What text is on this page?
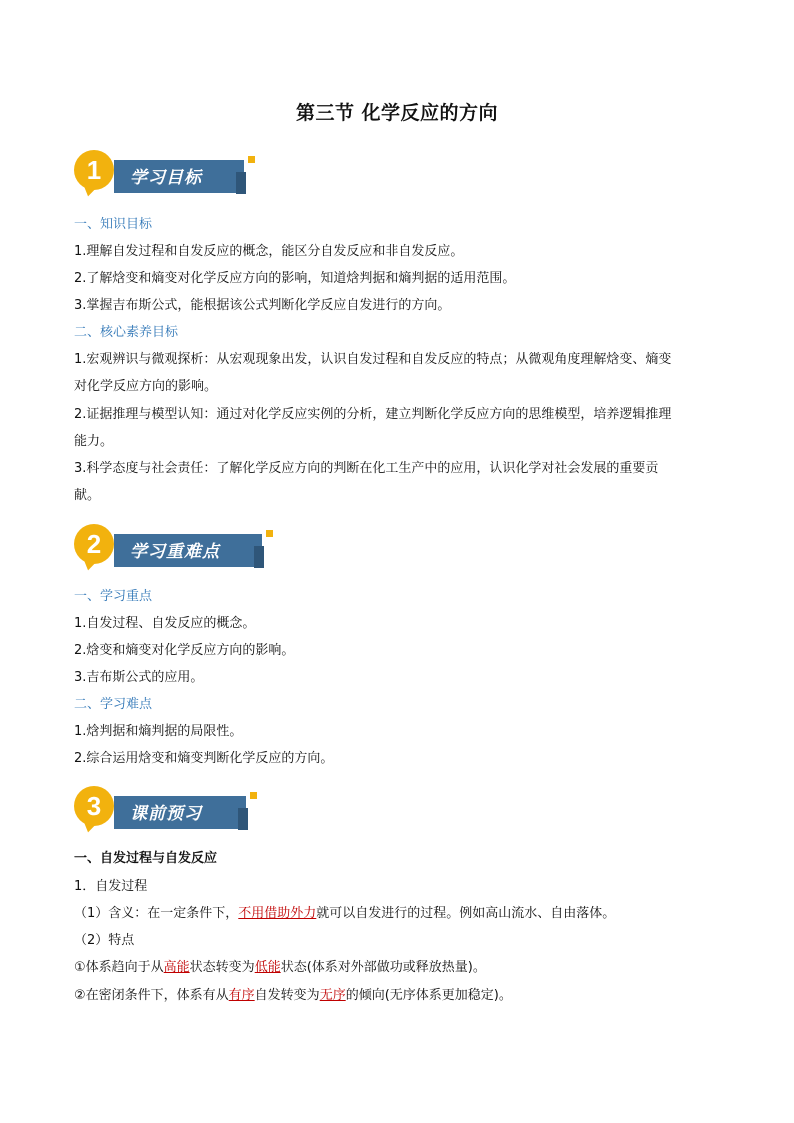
第三节 化学反应的方向
1	学习目标
一、知识目标
1.理解自发过程和自发反应的概念，能区分自发反应和非自发反应。
2.了解焓变和熵变对化学反应方向的影响，知道焓判据和熵判据的适用范围。
3.掌握吉布斯公式，能根据该公式判断化学反应自发进行的方向。
二、核心素养目标
1.宏观辨识与微观探析：从宏观现象出发，认识自发过程和自发反应的特点；从微观角度理解焓变、熵变
对化学反应方向的影响。
2.证据推理与模型认知：通过对化学反应实例的分析，建立判断化学反应方向的思维模型，培养逻辑推理
能力。
3.科学态度与社会责任：了解化学反应方向的判断在化工生产中的应用，认识化学对社会发展的重要贡
献。
2	学习重难点
一、学习重点
1.自发过程、自发反应的概念。
2.焓变和熵变对化学反应方向的影响。
3.吉布斯公式的应用。
二、学习难点
1.焓判据和熵判据的局限性。
2.综合运用焓变和熵变判断化学反应的方向。
3	课前预习
一、自发过程与自发反应
1．自发过程
（1）含义：在一定条件下，不用借助外力就可以自发进行的过程。例如高山流水、自由落体。
（2）特点
①体系趋向于从高能状态转变为低能状态(体系对外部做功或释放热量)。
②在密闭条件下，体系有从有序自发转变为无序的倾向(无序体系更加稳定)。
